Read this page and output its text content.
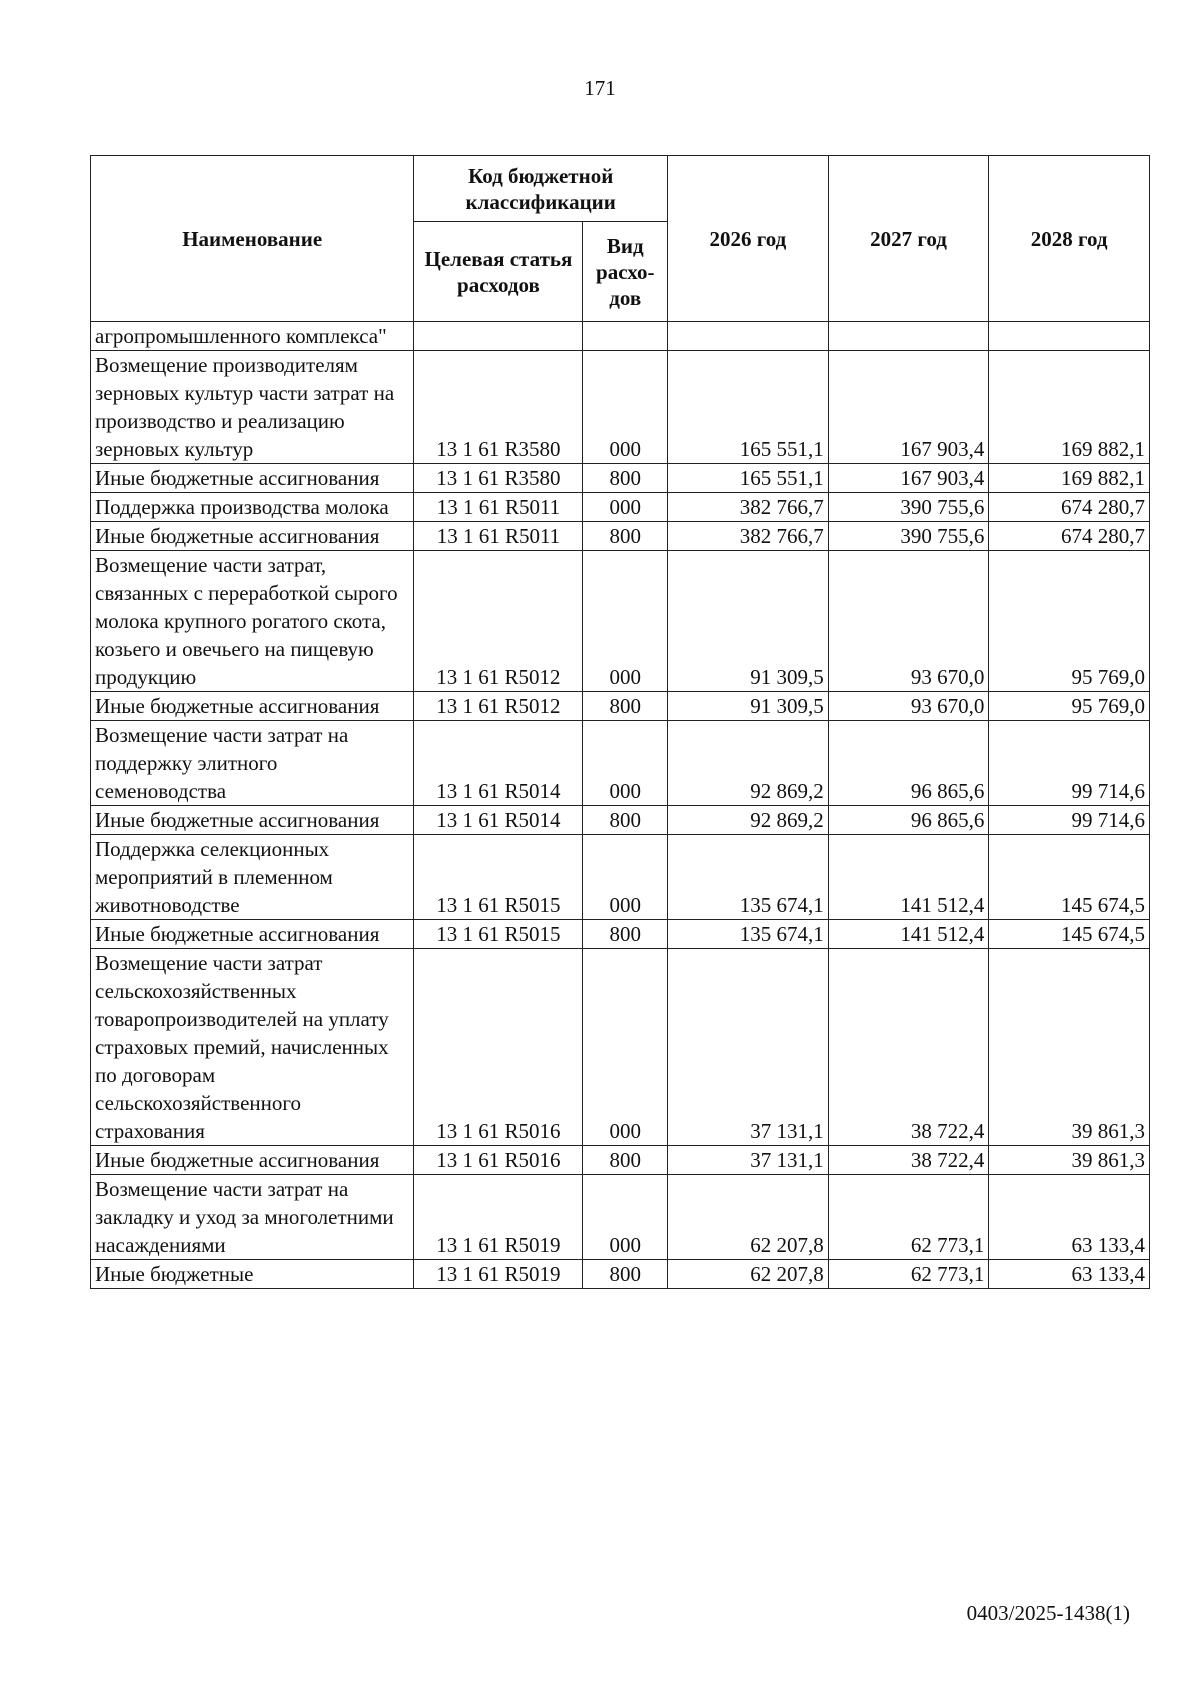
171
Наименование	Код бюджетной классификации		2026 год	2027 год	2028 год
	Целевая статья расходов	Вид расхо-дов			
агропромышленного комплекса"					
Возмещение производителям зерновых культур части затрат на производство и реализацию зерновых культур	13 1 61 R3580	000	165 551,1	167 903,4	169 882,1
Иные бюджетные ассигнования	13 1 61 R3580	800	165 551,1	167 903,4	169 882,1
Поддержка производства молока	13 1 61 R5011	000	382 766,7	390 755,6	674 280,7
Иные бюджетные ассигнования	13 1 61 R5011	800	382 766,7	390 755,6	674 280,7
Возмещение части затрат, связанных с переработкой сырого молока крупного рогатого скота, козьего и овечьего на пищевую продукцию	13 1 61 R5012	000	91 309,5	93 670,0	95 769,0
Иные бюджетные ассигнования	13 1 61 R5012	800	91 309,5	93 670,0	95 769,0
Возмещение части затрат на поддержку элитного семеноводства	13 1 61 R5014	000	92 869,2	96 865,6	99 714,6
Иные бюджетные ассигнования	13 1 61 R5014	800	92 869,2	96 865,6	99 714,6
Поддержка селекционных мероприятий в племенном животноводстве	13 1 61 R5015	000	135 674,1	141 512,4	145 674,5
Иные бюджетные ассигнования	13 1 61 R5015	800	135 674,1	141 512,4	145 674,5
Возмещение части затрат сельскохозяйственных товаропроизводителей на уплату страховых премий, начисленных по договорам сельскохозяйственного страхования	13 1 61 R5016	000	37 131,1	38 722,4	39 861,3
Иные бюджетные ассигнования	13 1 61 R5016	800	37 131,1	38 722,4	39 861,3
Возмещение части затрат на закладку и уход за многолетними насаждениями	13 1 61 R5019	000	62 207,8	62 773,1	63 133,4
Иные бюджетные	13 1 61 R5019	800	62 207,8	62 773,1	63 133,4
0403/2025-1438(1)
